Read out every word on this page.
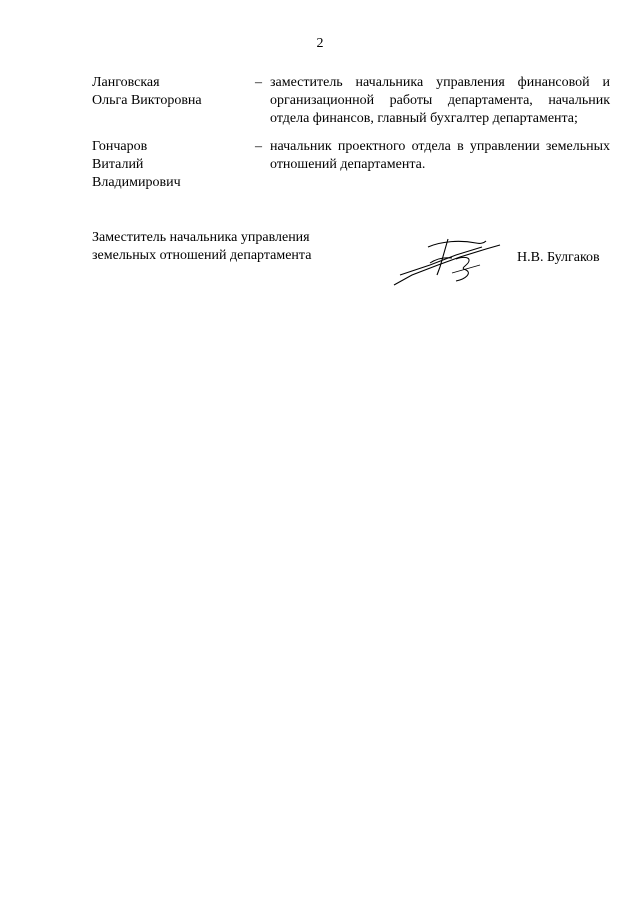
2
Ланговская
Ольга Викторовна
– заместитель начальника управления финансовой и организационной работы департамента, начальник отдела финансов, главный бухгалтер департамента;
Гончаров
Виталий
Владимирович
– начальник проектного отдела в управлении земельных отношений департамента.
Заместитель начальника управления
земельных отношений департамента	Н.В. Булгаков
